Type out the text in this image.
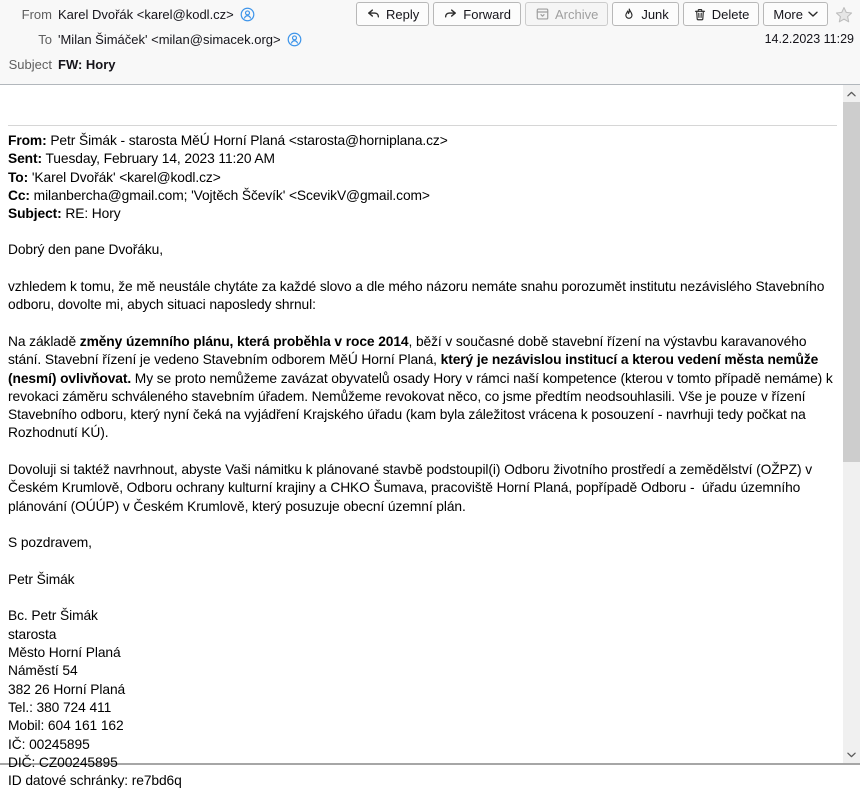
From Karel Dvořák <karel@kodl.cz>
To 'Milan Šimáček' <milan@simacek.org>
Subject FW: Hory
Reply	Forward	Archive	Junk	Delete More
14.2.2023 11:29
From: Petr Šimák - starosta MěÚ Horní Planá <starosta@horniplana.cz>
Sent: Tuesday, February 14, 2023 11:20 AM
To: 'Karel Dvořák' <karel@kodl.cz>
Cc: milanbercha@gmail.com; 'Vojtěch Ščevík' <ScevikV@gmail.com>
Subject: RE: Hory

Dobrý den pane Dvořáku,

vzhledem k tomu, že mě neustále chytáte za každé slovo a dle mého názoru nemáte snahu porozumět institutu nezávislého Stavebního odboru, dovolte mi, abych situaci naposledy shrnul:

Na základě změny územního plánu, která proběhla v roce 2014, běží v současné době stavební řízení na výstavbu karavanového stání. Stavební řízení je vedeno Stavebním odborem MěÚ Horní Planá, který je nezávislou institucí a kterou vedení města nemůže (nesmí) ovlivňovat. My se proto nemůžeme zavázat obyvatelů osady Hory v rámci naší kompetence (kterou v tomto případě nemáme) k revokaci záměru schváleného stavebním úřadem. Nemůžeme revokovat něco, co jsme předtím neodsouhlasili. Vše je pouze v řízení Stavebního odboru, který nyní čeká na vyjádření Krajského úřadu (kam byla záležitost vrácena k posouzení - navrhuji tedy počkat na Rozhodnutí KÚ).

Dovoluji si taktéž navrhnout, abyste Vaši námitku k plánované stavbě podstoupil(i) Odboru životního prostředí a zemědělství (OŽPZ) v Českém Krumlově, Odboru ochrany kulturní krajiny a CHKO Šumava, pracoviště Horní Planá, popřípadě Odboru -  úřadu územního plánování (OÚÚP) v Českém Krumlově, který posuzuje obecní územní plán.

S pozdravem,

Petr Šimák

Bc. Petr Šimák
starosta
Město Horní Planá
Náměstí 54
382 26 Horní Planá
Tel.: 380 724 411
Mobil: 604 161 162
IČ: 00245895
DIČ: CZ00245895
ID datové schránky: re7bd6q
